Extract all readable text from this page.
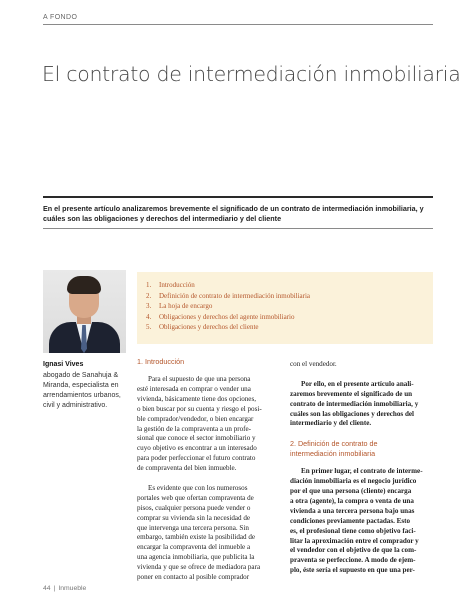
A FONDO
El contrato de intermediación inmobiliaria

En el presente artículo analizaremos brevemente el significado de un contrato de intermediación inmobiliaria, y cuáles son las obligaciones y derechos del intermediario y del cliente

Ignasi Vives
abogado de Sanahuja &
Miranda, especialista en
arrendamientos urbanos,
civil y administrativo.
1. Introducción
2. Definición de contrato de intermediación inmobiliaria
3. La hoja de encargo
4. Obligaciones y derechos del agente inmobiliario
5. Obligaciones y derechos del cliente
1. Introducción
Para el supuesto de que una persona
esté interesada en comprar o vender una
vivienda, básicamente tiene dos opciones,
o bien buscar por su cuenta y riesgo el posi-
ble comprador/vendedor, o bien encargar
la gestión de la compraventa a un profe-
sional que conoce el sector inmobiliario y
cuyo objetivo es encontrar a un interesado
para poder perfeccionar el futuro contrato
de compraventa del bien inmueble.
Es evidente que con los numerosos
portales web que ofertan compraventa de
pisos, cualquier persona puede vender o
comprar su vivienda sin la necesidad de
que intervenga una tercera persona. Sin
embargo, también existe la posibilidad de
encargar la compraventa del inmueble a
una agencia inmobiliaria, que publicita la
vivienda y que se ofrece de mediadora para
poner en contacto al posible comprador
con el vendedor.
Por ello, en el presente artículo anali-
zaremos brevemente el significado de un
contrato de intermediación inmobiliaria, y
cuáles son las obligaciones y derechos del
intermediario y del cliente.
2. Definición de contrato de
intermediación inmobiliaria
En primer lugar, el contrato de interme-
diación inmobiliaria es el negocio jurídico
por el que una persona (cliente) encarga
a otra (agente), la compra o venta de una
vivienda a una tercera persona bajo unas
condiciones previamente pactadas. Esto
es, el profesional tiene como objetivo faci-
litar la aproximación entre el comprador y
el vendedor con el objetivo de que la com-
praventa se perfeccione. A modo de ejem-
plo, éste sería el supuesto en que una per-
44 | Inmueble
